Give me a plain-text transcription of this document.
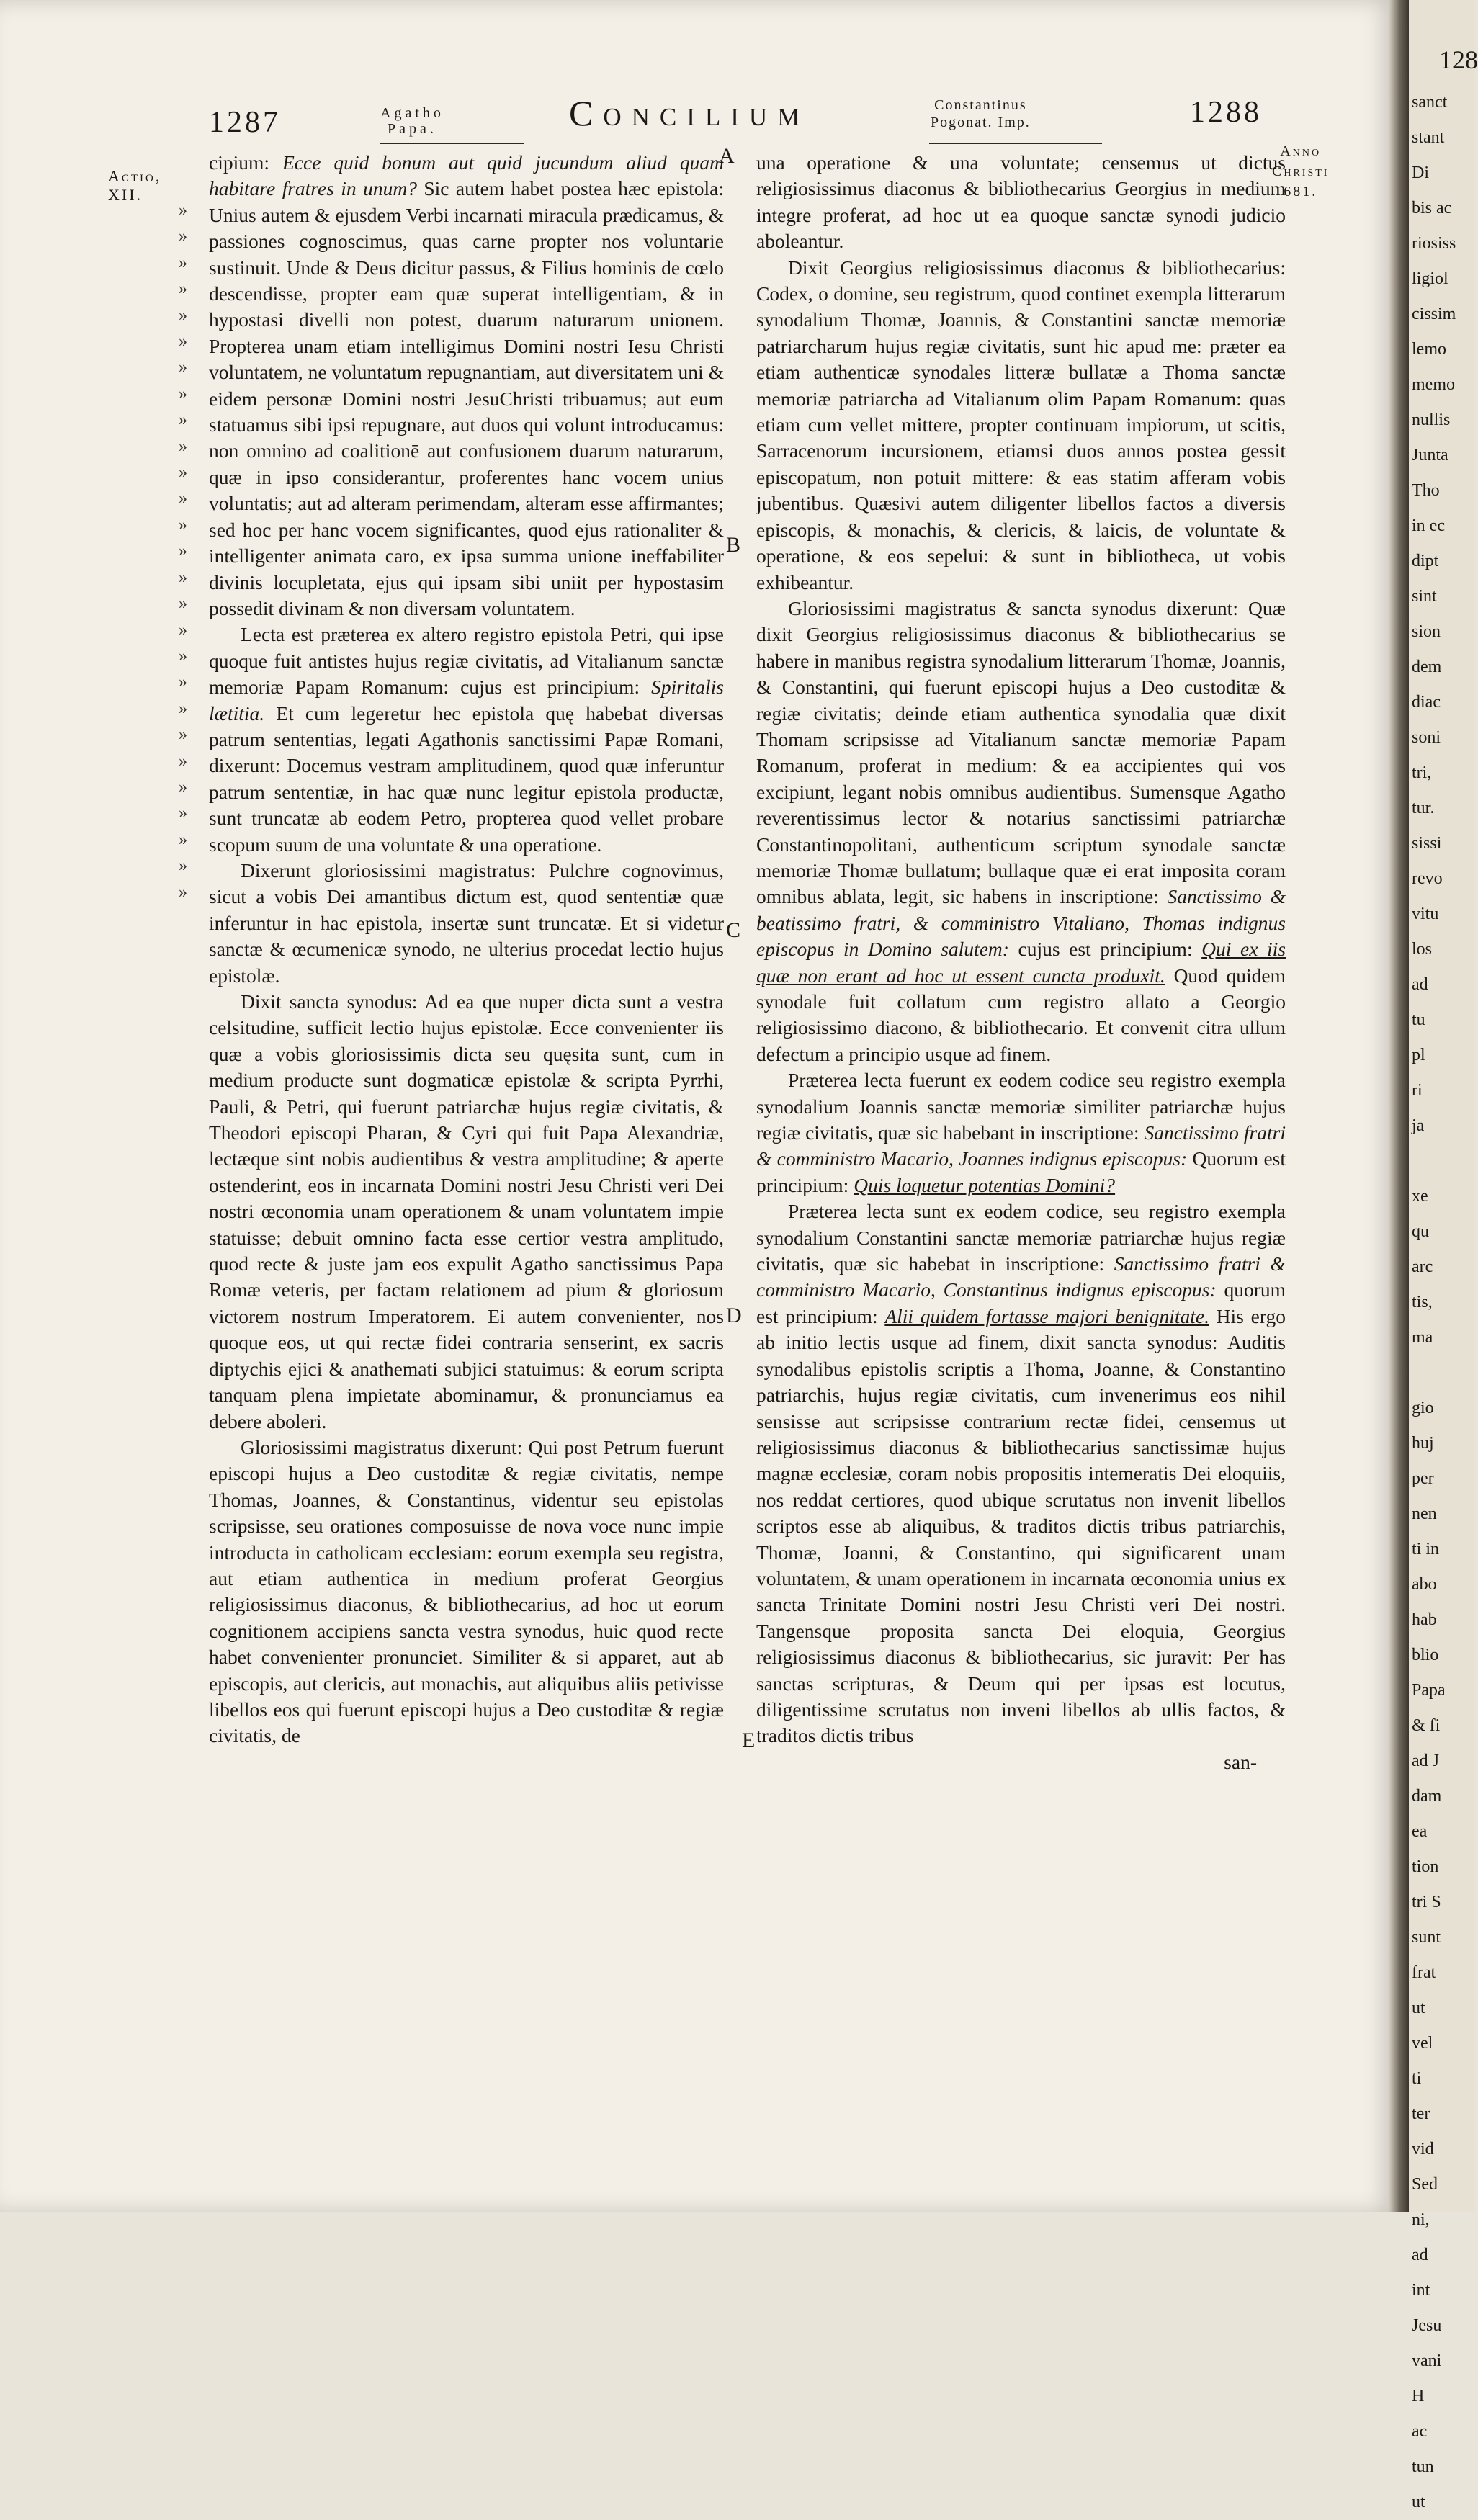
1287	Agatho
Papa.	Concilium	Constantinus
Pogonat. Imp.	1288
Actio,
XII.
Anno
Christi
681.
»
»
»
»
»
»
»
»
»
»
»
»
»
»
»
»
»
»
»
»
»
»
»
»
»
»
»
A
B
C
D
E

cipium: Ecce quid bonum aut quid jucundum aliud quam habitare fratres in unum? Sic autem habet postea hæc epistola: Unius autem & ejusdem Verbi incarnati miracula prædicamus, & passiones cognoscimus, quas carne propter nos voluntarie sustinuit. Unde & Deus dicitur passus, & Filius hominis de cœlo descendisse, propter eam quæ superat intelligentiam, & in hypostasi divelli non potest, duarum naturarum unionem. Propterea unam etiam intelligimus Domini nostri Iesu Christi voluntatem, ne voluntatum repugnantiam, aut diversitatem uni & eidem personæ Domini nostri JesuChristi tribuamus; aut eum statuamus sibi ipsi repugnare, aut duos qui volunt introducamus: non omnino ad coalitionē aut confusionem duarum naturarum, quæ in ipso considerantur, proferentes hanc vocem unius voluntatis; aut ad alteram perimendam, alteram esse affirmantes; sed hoc per hanc vocem significantes, quod ejus rationaliter & intelligenter animata caro, ex ipsa summa unione ineffabiliter divinis locupletata, ejus qui ipsam sibi uniit per hypostasim possedit divinam & non diversam voluntatem.

Lecta est præterea ex altero registro epistola Petri, qui ipse quoque fuit antistes hujus regiæ civitatis, ad Vitalianum sanctæ memoriæ Papam Romanum: cujus est principium: Spiritalis lætitia. Et cum legeretur hec epistola quę habebat diversas patrum sententias, legati Agathonis sanctissimi Papæ Romani, dixerunt: Docemus vestram amplitudinem, quod quæ inferuntur patrum sententiæ, in hac quæ nunc legitur epistola productæ, sunt truncatæ ab eodem Petro, propterea quod vellet probare scopum suum de una voluntate & una operatione.

Dixerunt gloriosissimi magistratus: Pulchre cognovimus, sicut a vobis Dei amantibus dictum est, quod sententiæ quæ inferuntur in hac epistola, insertæ sunt truncatæ. Et si videtur sanctæ & œcumenicæ synodo, ne ulterius procedat lectio hujus epistolæ.

Dixit sancta synodus: Ad ea que nuper dicta sunt a vestra celsitudine, sufficit lectio hujus epistolæ. Ecce convenienter iis quæ a vobis gloriosissimis dicta seu quęsita sunt, cum in medium producte sunt dogmaticæ epistolæ & scripta Pyrrhi, Pauli, & Petri, qui fuerunt patriarchæ hujus regiæ civitatis, & Theodori episcopi Pharan, & Cyri qui fuit Papa Alexandriæ, lectæque sint nobis audientibus & vestra amplitudine; & aperte ostenderint, eos in incarnata Domini nostri Jesu Christi veri Dei nostri œconomia unam operationem & unam voluntatem impie statuisse; debuit omnino facta esse certior vestra amplitudo, quod recte & juste jam eos expulit Agatho sanctissimus Papa Romæ veteris, per factam relationem ad pium & gloriosum victorem nostrum Imperatorem. Ei autem convenienter, nos quoque eos, ut qui rectæ fidei contraria senserint, ex sacris diptychis ejici & anathemati subjici statuimus: & eorum scripta tanquam plena impietate abominamur, & pronunciamus ea debere aboleri.

Gloriosissimi magistratus dixerunt: Qui post Petrum fuerunt episcopi hujus a Deo custoditæ & regiæ civitatis, nempe Thomas, Joannes, & Constantinus, videntur seu epistolas scripsisse, seu orationes composuisse de nova voce nunc impie introducta in catholicam ecclesiam: eorum exempla seu registra, aut etiam authentica in medium proferat Georgius religiosissimus diaconus, & bibliothecarius, ad hoc ut eorum cognitionem accipiens sancta vestra synodus, huic quod recte habet convenienter pronunciet. Similiter & si apparet, aut ab episcopis, aut clericis, aut monachis, aut aliquibus aliis petivisse libellos eos qui fuerunt episcopi hujus a Deo custoditæ & regiæ civitatis, de

una operatione & una voluntate; censemus ut dictus religiosissimus diaconus & bibliothecarius Georgius in medium integre proferat, ad hoc ut ea quoque sanctæ synodi judicio aboleantur.

Dixit Georgius religiosissimus diaconus & bibliothecarius: Codex, o domine, seu registrum, quod continet exempla litterarum synodalium Thomæ, Joannis, & Constantini sanctæ memoriæ patriarcharum hujus regiæ civitatis, sunt hic apud me: præter ea etiam authenticæ synodales litteræ bullatæ a Thoma sanctæ memoriæ patriarcha ad Vitalianum olim Papam Romanum: quas etiam cum vellet mittere, propter continuam impiorum, ut scitis, Sarracenorum incursionem, etiamsi duos annos postea gessit episcopatum, non potuit mittere: & eas statim afferam vobis jubentibus. Quæsivi autem diligenter libellos factos a diversis episcopis, & monachis, & clericis, & laicis, de voluntate & operatione, & eos sepelui: & sunt in bibliotheca, ut vobis exhibeantur.

Gloriosissimi magistratus & sancta synodus dixerunt: Quæ dixit Georgius religiosissimus diaconus & bibliothecarius se habere in manibus registra synodalium litterarum Thomæ, Joannis, & Constantini, qui fuerunt episcopi hujus a Deo custoditæ & regiæ civitatis; deinde etiam authentica synodalia quæ dixit Thomam scripsisse ad Vitalianum sanctæ memoriæ Papam Romanum, proferat in medium: & ea accipientes qui vos excipiunt, legant nobis omnibus audientibus. Sumensque Agatho reverentissimus lector & notarius sanctissimi patriarchæ Constantinopolitani, authenticum scriptum synodale sanctæ memoriæ Thomæ bullatum; bullaque quæ ei erat imposita coram omnibus ablata, legit, sic habens in inscriptione: Sanctissimo & beatissimo fratri, & comministro Vitaliano, Thomas indignus episcopus in Domino salutem: cujus est principium: Qui ex iis quæ non erant ad hoc ut essent cuncta produxit. Quod quidem synodale fuit collatum cum registro allato a Georgio religiosissimo diacono, & bibliothecario. Et convenit citra ullum defectum a principio usque ad finem.

Præterea lecta fuerunt ex eodem codice seu registro exempla synodalium Joannis sanctæ memoriæ similiter patriarchæ hujus regiæ civitatis, quæ sic habebant in inscriptione: Sanctissimo fratri & comministro Macario, Joannes indignus episcopus: Quorum est principium: Quis loquetur potentias Domini?

Præterea lecta sunt ex eodem codice, seu registro exempla synodalium Constantini sanctæ memoriæ patriarchæ hujus regiæ civitatis, quæ sic habebat in inscriptione: Sanctissimo fratri & comministro Macario, Constantinus indignus episcopus: quorum est principium: Alii quidem fortasse majori benignitate. His ergo ab initio lectis usque ad finem, dixit sancta synodus: Auditis synodalibus epistolis scriptis a Thoma, Joanne, & Constantino patriarchis, hujus regiæ civitatis, cum invenerimus eos nihil sensisse aut scripsisse contrarium rectæ fidei, censemus ut religiosissimus diaconus & bibliothecarius sanctissimæ hujus magnæ ecclesiæ, coram nobis propositis intemeratis Dei eloquiis, nos reddat certiores, quod ubique scrutatus non invenit libellos scriptos esse ab aliquibus, & traditos dictis tribus patriarchis, Thomæ, Joanni, & Constantino, qui significarent unam voluntatem, & unam operationem in incarnata œconomia unius ex sancta Trinitate Domini nostri Jesu Christi veri Dei nostri. Tangensque proposita sancta Dei eloquia, Georgius religiosissimus diaconus & bibliothecarius, sic juravit: Per has sanctas scripturas, & Deum qui per ipsas est locutus, diligentissime scrutatus non inveni libellos ab ullis factos, & traditos dictis tribus

san-

128
sanct
stant
Di
bis ac
riosiss
ligiol
cissim
lemo
memo
nullis
Junta
Tho
in ec
dipt
sint
sion
dem
diac
soni
tri,
tur.
sissi
revo
vitu
los
ad
tu
pl
ri
ja

xe
qu
arc
tis,
ma

gio
huj
per
nen
ti in
abo
hab
blio
Papa
& fi
ad J
dam
ea
tion
tri S
sunt
frat
ut
vel
ti
ter
vid
Sed
ni,
ad
int
Jesu
vani
H
ac
tun
ut
